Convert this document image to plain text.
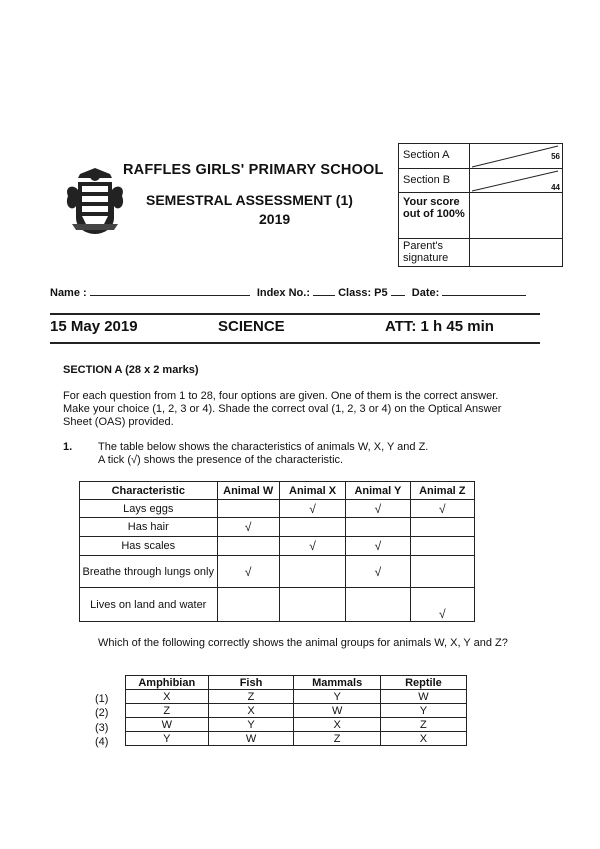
RAFFLES GIRLS' PRIMARY SCHOOL
SEMESTRAL ASSESSMENT (1)
2019
Section A	56

Section B	44

Your score out of 100%	
Parent's signature	
Name :	Index No.:	Class: P5 Date:
15 May 2019	SCIENCE	ATT: 1 h 45 min
SECTION A (28 x 2 marks)
For each question from 1 to 28, four options are given. One of them is the correct answer. Make your choice (1, 2, 3 or 4). Shade the correct oval (1, 2, 3 or 4) on the Optical Answer Sheet (OAS) provided.
1. The table below shows the characteristics of animals W, X, Y and Z.
A tick (√) shows the presence of the characteristic.
Characteristic	Animal W	Animal X	Animal Y	Animal Z
Lays eggs		√	√	√
Has hair	√			
Has scales		√	√	
Breathe through lungs only	√		√	
Lives on land and water				√
Which of the following correctly shows the animal groups for animals W, X, Y and Z?
(1)
(2)
(3)
(4)
Amphibian	Fish	Mammals	Reptile
X	Z	Y	W
Z	X	W	Y
W	Y	X	Z
Y	W	Z	X
